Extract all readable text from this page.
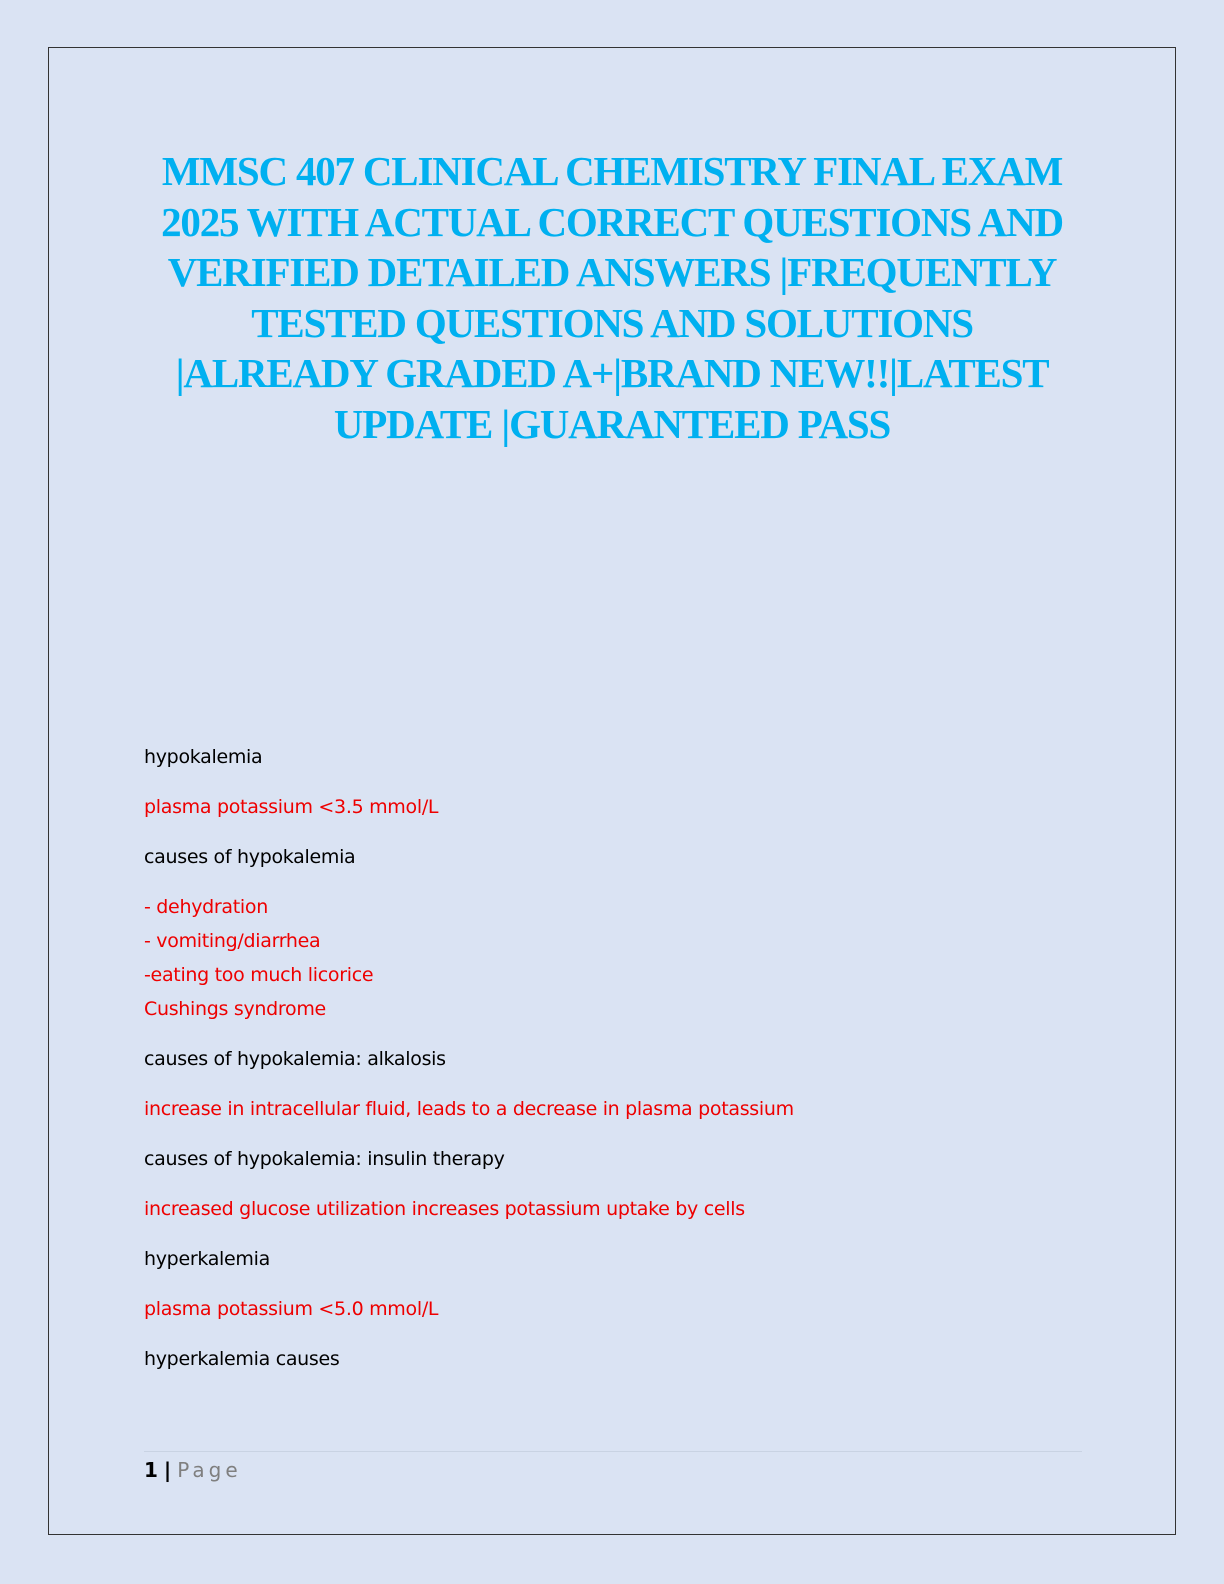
MMSC 407 CLINICAL CHEMISTRY FINAL EXAM 2025 WITH ACTUAL CORRECT QUESTIONS AND VERIFIED DETAILED ANSWERS |FREQUENTLY TESTED QUESTIONS AND SOLUTIONS |ALREADY GRADED A+|BRAND NEW!!|LATEST UPDATE |GUARANTEED PASS

hypokalemia

plasma potassium <3.5 mmol/L

causes of hypokalemia

- dehydration
- vomiting/diarrhea
-eating too much licorice
Cushings syndrome

causes of hypokalemia: alkalosis

increase in intracellular fluid, leads to a decrease in plasma potassium

causes of hypokalemia: insulin therapy

increased glucose utilization increases potassium uptake by cells

hyperkalemia

plasma potassium <5.0 mmol/L

hyperkalemia causes

1 | Page
